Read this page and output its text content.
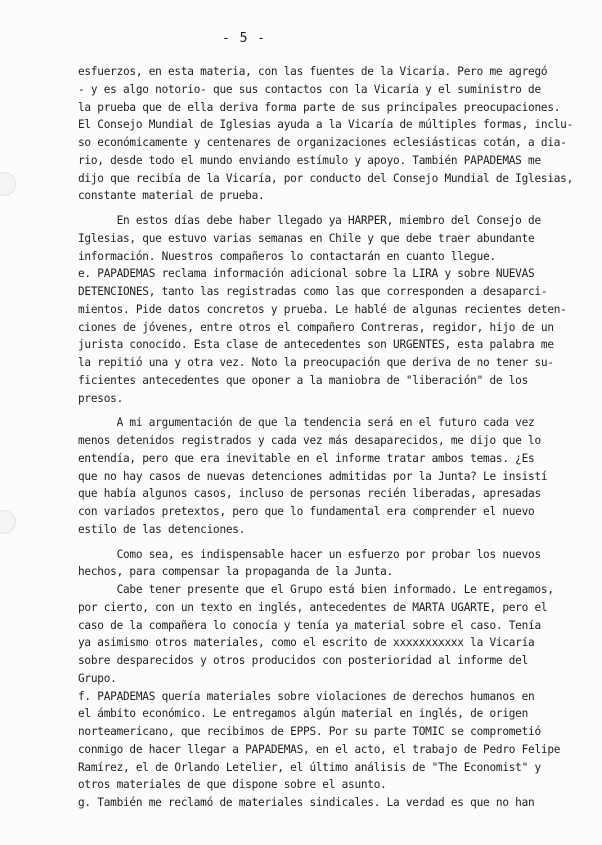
- 5 -
esfuerzos, en esta materia, con las fuentes de la Vicaría. Pero me agregó
- y es algo notorio- que sus contactos con la Vicaría y el suministro de
la prueba que de ella deriva forma parte de sus principales preocupaciones.
El Consejo Mundial de Iglesias ayuda a la Vicaría de múltiples formas, inclu-
so económicamente y centenares de organizaciones eclesiásticas cotán, a dia-
rio, desde todo el mundo enviando estímulo y apoyo. También PAPADEMAS me
dijo que recibía de la Vicaría, por conducto del Consejo Mundial de Iglesias,
constante material de prueba.
En estos días debe haber llegado ya HARPER, miembro del Consejo de
Iglesias, que estuvo varias semanas en Chile y que debe traer abundante
información. Nuestros compañeros lo contactarán en cuanto llegue.
e. PAPADEMAS reclama información adicional sobre la LIRA y sobre NUEVAS
DETENCIONES, tanto las registradas como las que corresponden a desaparci-
mientos. Pide datos concretos y prueba. Le hablé de algunas recientes deten-
ciones de jóvenes, entre otros el compañero Contreras, regidor, hijo de un
jurista conocido. Esta clase de antecedentes son URGENTES, esta palabra me
la repitió una y otra vez. Noto la preocupación que deriva de no tener su-
ficientes antecedentes que oponer a la maniobra de "liberación" de los
presos.
A mi argumentación de que la tendencia será en el futuro cada vez
menos detenidos registrados y cada vez más desaparecidos, me dijo que lo
entendía, pero que era inevitable en el informe tratar ambos temas. ¿Es
que no hay casos de nuevas detenciones admitidas por la Junta? Le insistí
que había algunos casos, incluso de personas recién liberadas, apresadas
con variados pretextos, pero que lo fundamental era comprender el nuevo
estilo de las detenciones.
Como sea, es indispensable hacer un esfuerzo por probar los nuevos
hechos, para compensar la propaganda de la Junta.
Cabe tener presente que el Grupo está bien informado. Le entregamos,
por cierto, con un texto en inglés, antecedentes de MARTA UGARTE, pero el
caso de la compañera lo conocía y tenía ya material sobre el caso. Tenía
ya asimismo otros materiales, como el escrito de xxxxxxxxxxx la Vicaría
sobre desparecidos y otros producidos con posterioridad al informe del
Grupo.
f. PAPADEMAS quería materiales sobre violaciones de derechos humanos en
el ámbito económico. Le entregamos algún material en inglés, de origen
norteamericano, que recibimos de EPPS. Por su parte TOMIC se comprometió
conmigo de hacer llegar a PAPADEMAS, en el acto, el trabajo de Pedro Felipe
Ramírez, el de Orlando Letelier, el último análisis de "The Economist" y
otros materiales de que dispone sobre el asunto.
g. También me reclamó de materiales sindicales. La verdad es que no han
